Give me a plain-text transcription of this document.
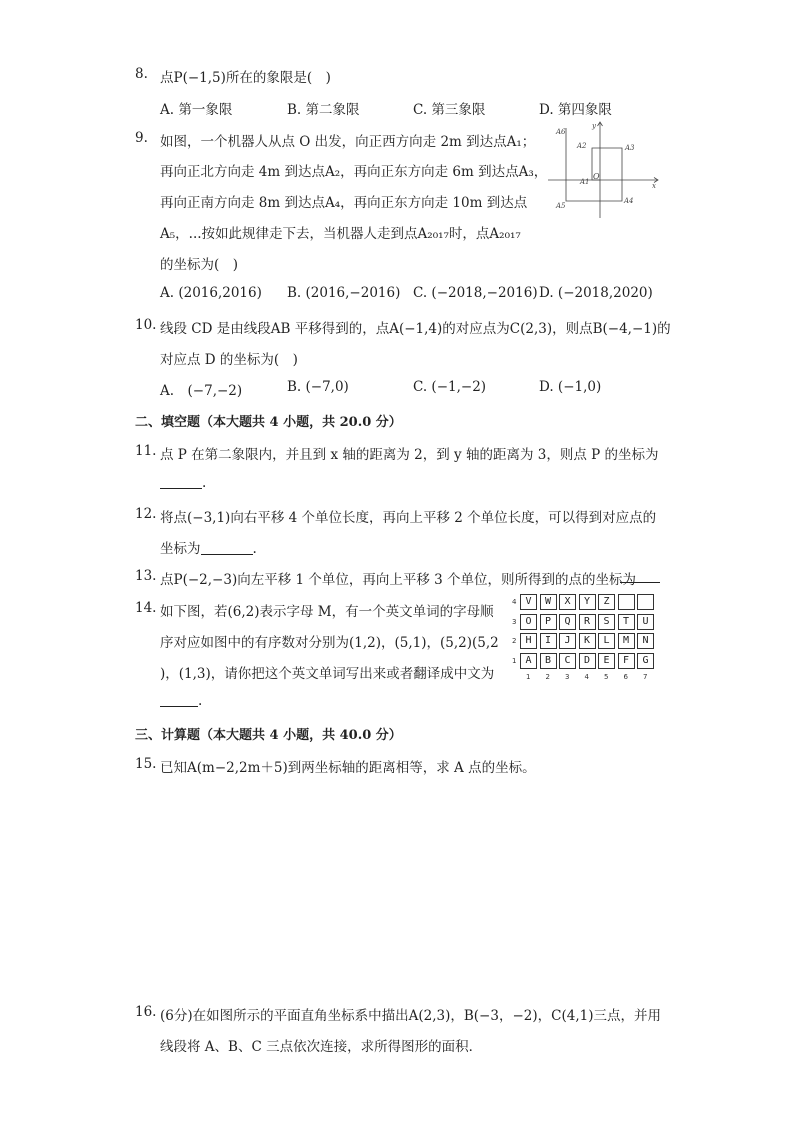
8. 点P(−1,5)所在的象限是(　)
A. 第一象限	B. 第二象限	C. 第三象限	D. 第四象限
9. 如图，一个机器人从点 O 出发，向正西方向走 2m 到达点A₁；
再向正北方向走 4m 到达点A₂，再向正东方向走 6m 到达点A₃，
再向正南方向走 8m 到达点A₄，再向正东方向走 10m 到达点
A₅，...按如此规律走下去，当机器人走到点A₂₀₁₇时，点A₂₀₁₇
的坐标为(　)
A. (2016,2016) B. (2016,−2016) C. (−2018,−2016) D. (−2018,2020)
A6
A2	A3
A1
O
x
y
A5
A4
10. 线段 CD 是由线段AB 平移得到的，点A(−1,4)的对应点为C(2,3)，则点B(−4,−1)的
对应点 D 的坐标为(　)
A.　(−7,−2)	B. (−7,0)	C. (−1,−2)	D. (−1,0)
二、填空题（本大题共 4 小题，共 20.0 分）
11. 点 P 在第二象限内，并且到 x 轴的距离为 2，到 y 轴的距离为 3，则点 P 的坐标为
.
12. 将点(−3,1)向右平移 4 个单位长度，再向上平移 2 个单位长度，可以得到对应点的
坐标为	.
13. 点P(−2,−3)向左平移 1 个单位，再向上平移 3 个单位，则所得到的点的坐标为
14. 如下图，若(6,2)表示字母 M，有一个英文单词的字母顺
序对应如图中的有序数对分别为(1,2)，(5,1)，(5,2)(5,2
)，(1,3)，请你把这个英文单词写出来或者翻译成中文为
.
4 V	W	X	Y	Z
3 O	P	Q	R	S	T	U
2 H	I	J	K	L	M	N
1 A	B	C	D	E	F	G
1 2 3 4 5 6 7
三、计算题（本大题共 4 小题，共 40.0 分）
15. 已知A(m−2,2m＋5)到两坐标轴的距离相等，求 A 点的坐标。
16. (6分)在如图所示的平面直角坐标系中描出A(2,3)，B(−3，−2)，C(4,1)三点，并用
线段将 A、B、C 三点依次连接，求所得图形的面积．
